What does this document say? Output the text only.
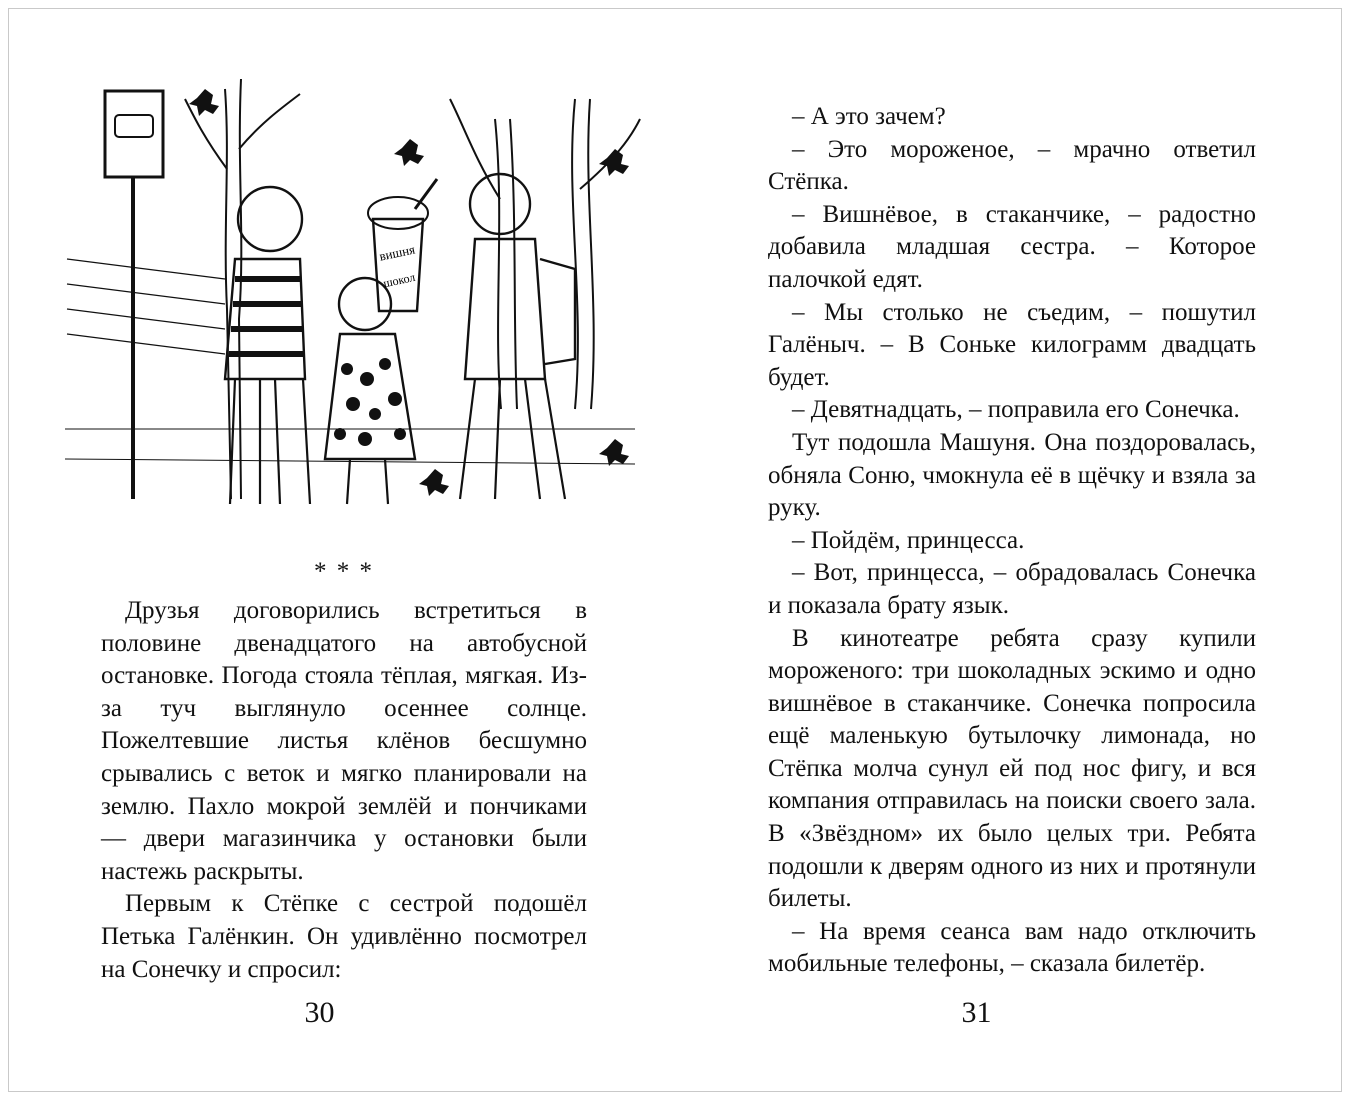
вишня
шокол
* * *

Друзья договорились встретиться в половине двенадцатого на автобусной остановке. Погода стояла тёплая, мягкая. Из-за туч выглянуло осеннее солнце. Пожелтевшие листья клёнов бесшумно срывались с веток и мягко планировали на землю. Пахло мокрой землёй и пончиками — двери магазинчика у остановки были настежь раскрыты.

Первым к Стёпке с сестрой подошёл Петька Галёнкин. Он удивлённо посмотрел на Сонечку и спросил:

30

– А это зачем?

– Это мороженое, – мрачно ответил Стёпка.

– Вишнёвое, в стаканчике, – радостно добавила младшая сестра. – Которое палочкой едят.

– Мы столько не съедим, – пошутил Галёныч. – В Соньке килограмм двадцать будет.

– Девятнадцать, – поправила его Сонечка.

Тут подошла Машуня. Она поздоровалась, обняла Соню, чмокнула её в щёчку и взяла за руку.

– Пойдём, принцесса.

– Вот, принцесса, – обрадовалась Сонечка и показала брату язык.

В кинотеатре ребята сразу купили мороженого: три шоколадных эскимо и одно вишнёвое в стаканчике. Сонечка попросила ещё маленькую бутылочку лимонада, но Стёпка молча сунул ей под нос фигу, и вся компания отправилась на поиски своего зала. В «Звёздном» их было целых три. Ребята подошли к дверям одного из них и протянули билеты.

– На время сеанса вам надо отключить мобильные телефоны, – сказала билетёр.

31
